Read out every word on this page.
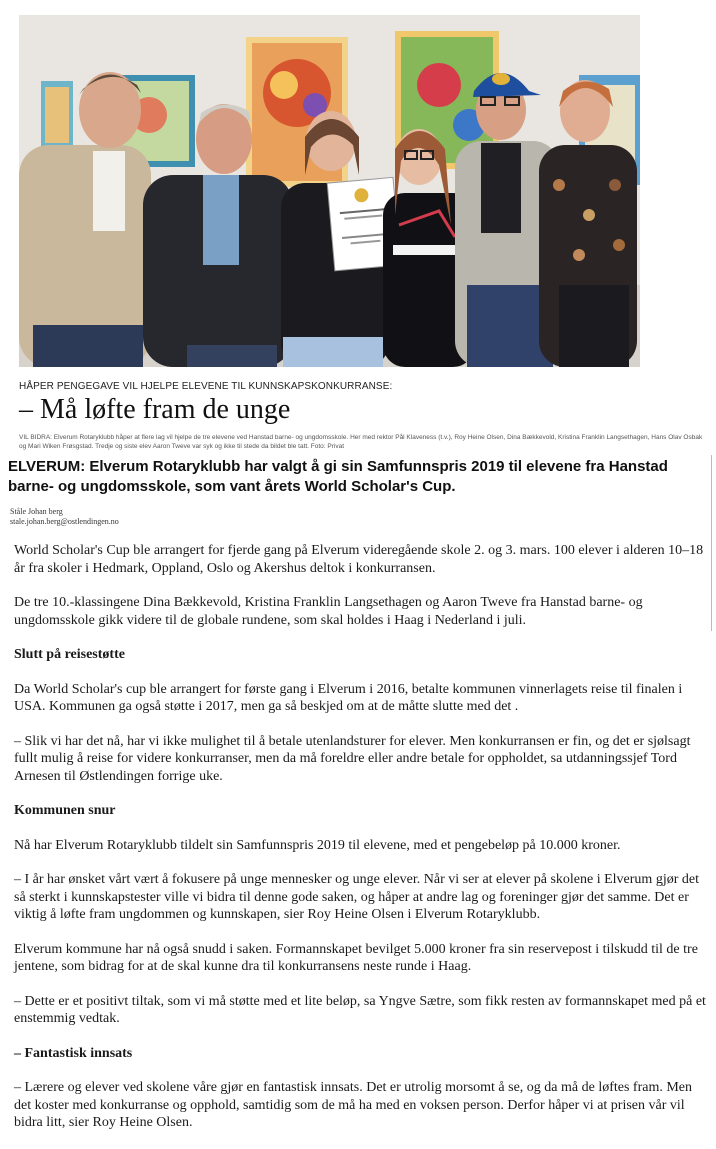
HÅPER PENGEGAVE VIL HJELPE ELEVENE TIL KUNNSKAPSKONKURRANSE:
– Må løfte fram de unge
VIL BIDRA: Elverum Rotaryklubb håper at flere lag vil hjelpe de tre elevene ved Hanstad barne- og ungdomsskole. Her med rektor Pål Klaveness (t.v.), Roy Heine Olsen, Dina Bækkevold, Kristina Franklin Langsethagen, Hans Olav Osbak og Mari Wiken Frøsgstad. Tredje og siste elev Aaron Tweve var syk og ikke til stede da bildet ble tatt. Foto: Privat

ELVERUM: Elverum Rotaryklubb har valgt å gi sin Samfunnspris 2019 til elevene fra Hanstad barne- og ungdomsskole, som vant årets World Scholar's Cup.

Ståle Johan berg
stale.johan.berg@ostlendingen.no

World Scholar's Cup ble arrangert for fjerde gang på Elverum videregående skole 2. og 3. mars. 100 elever i alderen 10–18 år fra skoler i Hedmark, Oppland, Oslo og Akershus deltok i konkurransen.

De tre 10.-klassingene Dina Bækkevold, Kristina Franklin Langsethagen og Aaron Tweve fra Hanstad barne- og ungdomsskole gikk videre til de globale rundene, som skal holdes i Haag i Nederland i juli.

Slutt på reisestøtte

Da World Scholar's cup ble arrangert for første gang i Elverum i 2016, betalte kommunen vinnerlagets reise til finalen i USA. Kommunen ga også støtte i 2017, men ga så beskjed om at de måtte slutte med det .

– Slik vi har det nå, har vi ikke mulighet til å betale utenlandsturer for elever. Men konkurransen er fin, og det er sjølsagt fullt mulig å reise for videre konkurranser, men da må foreldre eller andre betale for oppholdet, sa utdanningssjef Tord Arnesen til Østlendingen forrige uke.

Kommunen snur

Nå har Elverum Rotaryklubb tildelt sin Samfunnspris 2019 til elevene, med et pengebeløp på 10.000 kroner.

– I år har ønsket vårt vært å fokusere på unge mennesker og unge elever. Når vi ser at elever på skolene i Elverum gjør det så sterkt i kunnskapstester ville vi bidra til denne gode saken, og håper at andre lag og foreninger gjør det samme. Det er viktig å løfte fram ungdommen og kunnskapen, sier Roy Heine Olsen i Elverum Rotaryklubb.

Elverum kommune har nå også snudd i saken. Formannskapet bevilget 5.000 kroner fra sin reservepost i tilskudd til de tre jentene, som bidrag for at de skal kunne dra til konkurransens neste runde i Haag.

– Dette er et positivt tiltak, som vi må støtte med et lite beløp, sa Yngve Sætre, som fikk resten av formannskapet med på et enstemmig vedtak.

– Fantastisk innsats

– Lærere og elever ved skolene våre gjør en fantastisk innsats. Det er utrolig morsomt å se, og da må de løftes fram. Men det koster med konkurranse og opphold, samtidig som de må ha med en voksen person. Derfor håper vi at prisen vår vil bidra litt, sier Roy Heine Olsen.
